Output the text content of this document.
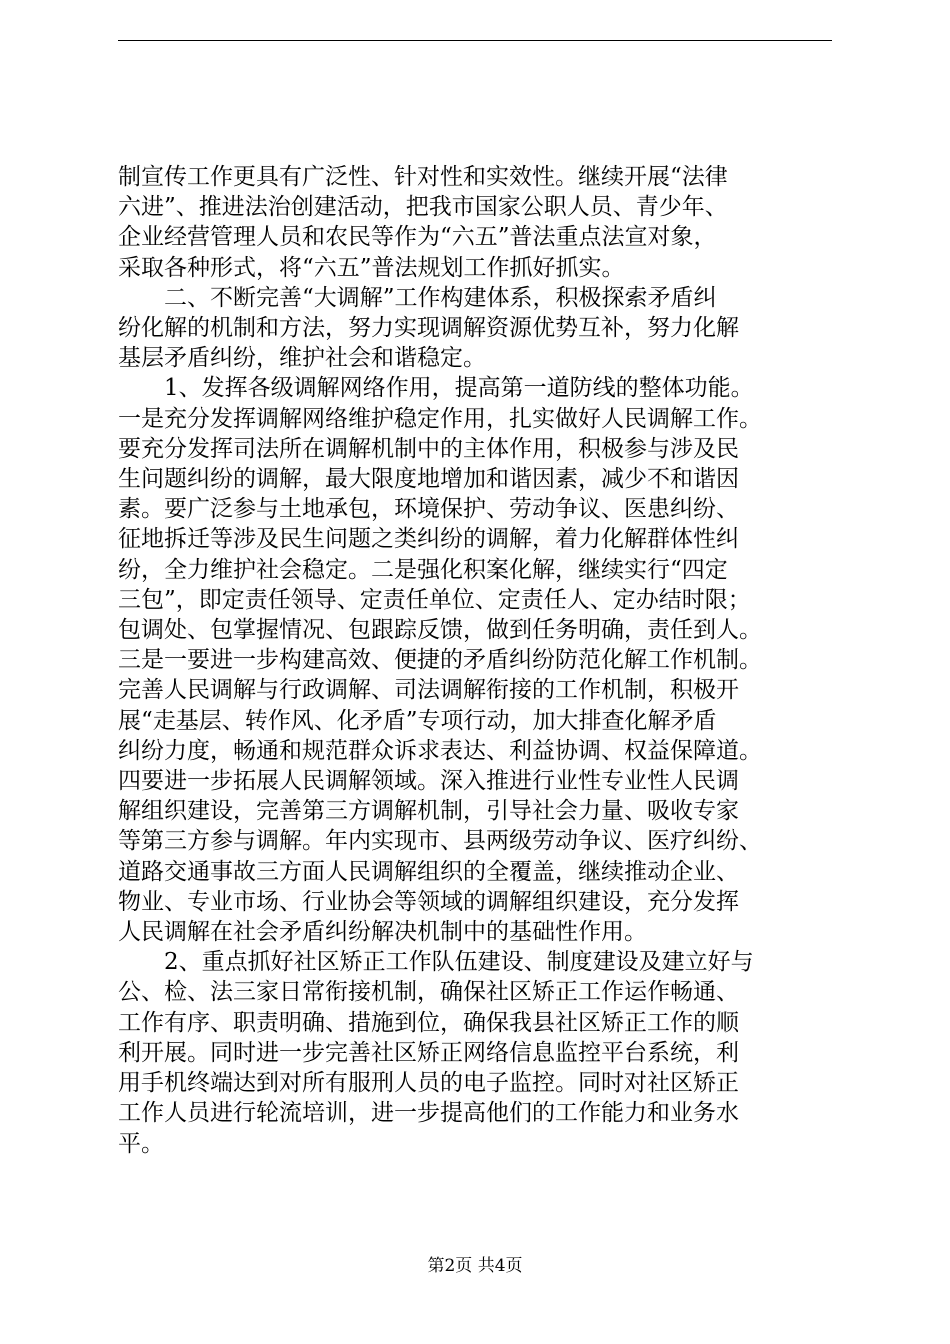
制宣传工作更具有广泛性、针对性和实效性。继续开展“法律
六进”、推进法治创建活动，把我市国家公职人员、青少年、
企业经营管理人员和农民等作为“六五”普法重点法宣对象，
采取各种形式，将“六五”普法规划工作抓好抓实。

　　二、不断完善“大调解”工作构建体系，积极探索矛盾纠
纷化解的机制和方法，努力实现调解资源优势互补，努力化解
基层矛盾纠纷，维护社会和谐稳定。

　　1、发挥各级调解网络作用，提高第一道防线的整体功能。
一是充分发挥调解网络维护稳定作用，扎实做好人民调解工作。
要充分发挥司法所在调解机制中的主体作用，积极参与涉及民
生问题纠纷的调解，最大限度地增加和谐因素，减少不和谐因
素。要广泛参与土地承包，环境保护、劳动争议、医患纠纷、
征地拆迁等涉及民生问题之类纠纷的调解，着力化解群体性纠
纷，全力维护社会稳定。二是强化积案化解，继续实行“四定
三包”，即定责任领导、定责任单位、定责任人、定办结时限；
包调处、包掌握情况、包跟踪反馈，做到任务明确，责任到人。
三是一要进一步构建高效、便捷的矛盾纠纷防范化解工作机制。
完善人民调解与行政调解、司法调解衔接的工作机制，积极开
展“走基层、转作风、化矛盾”专项行动，加大排查化解矛盾
纠纷力度，畅通和规范群众诉求表达、利益协调、权益保障道。
四要进一步拓展人民调解领域。深入推进行业性专业性人民调
解组织建设，完善第三方调解机制，引导社会力量、吸收专家
等第三方参与调解。年内实现市、县两级劳动争议、医疗纠纷、
道路交通事故三方面人民调解组织的全覆盖，继续推动企业、
物业、专业市场、行业协会等领域的调解组织建设，充分发挥
人民调解在社会矛盾纠纷解决机制中的基础性作用。

　　2、重点抓好社区矫正工作队伍建设、制度建设及建立好与
公、检、法三家日常衔接机制，确保社区矫正工作运作畅通、
工作有序、职责明确、措施到位，确保我县社区矫正工作的顺
利开展。同时进一步完善社区矫正网络信息监控平台系统，利
用手机终端达到对所有服刑人员的电子监控。同时对社区矫正
工作人员进行轮流培训，进一步提高他们的工作能力和业务水
平。

第2页 共4页
